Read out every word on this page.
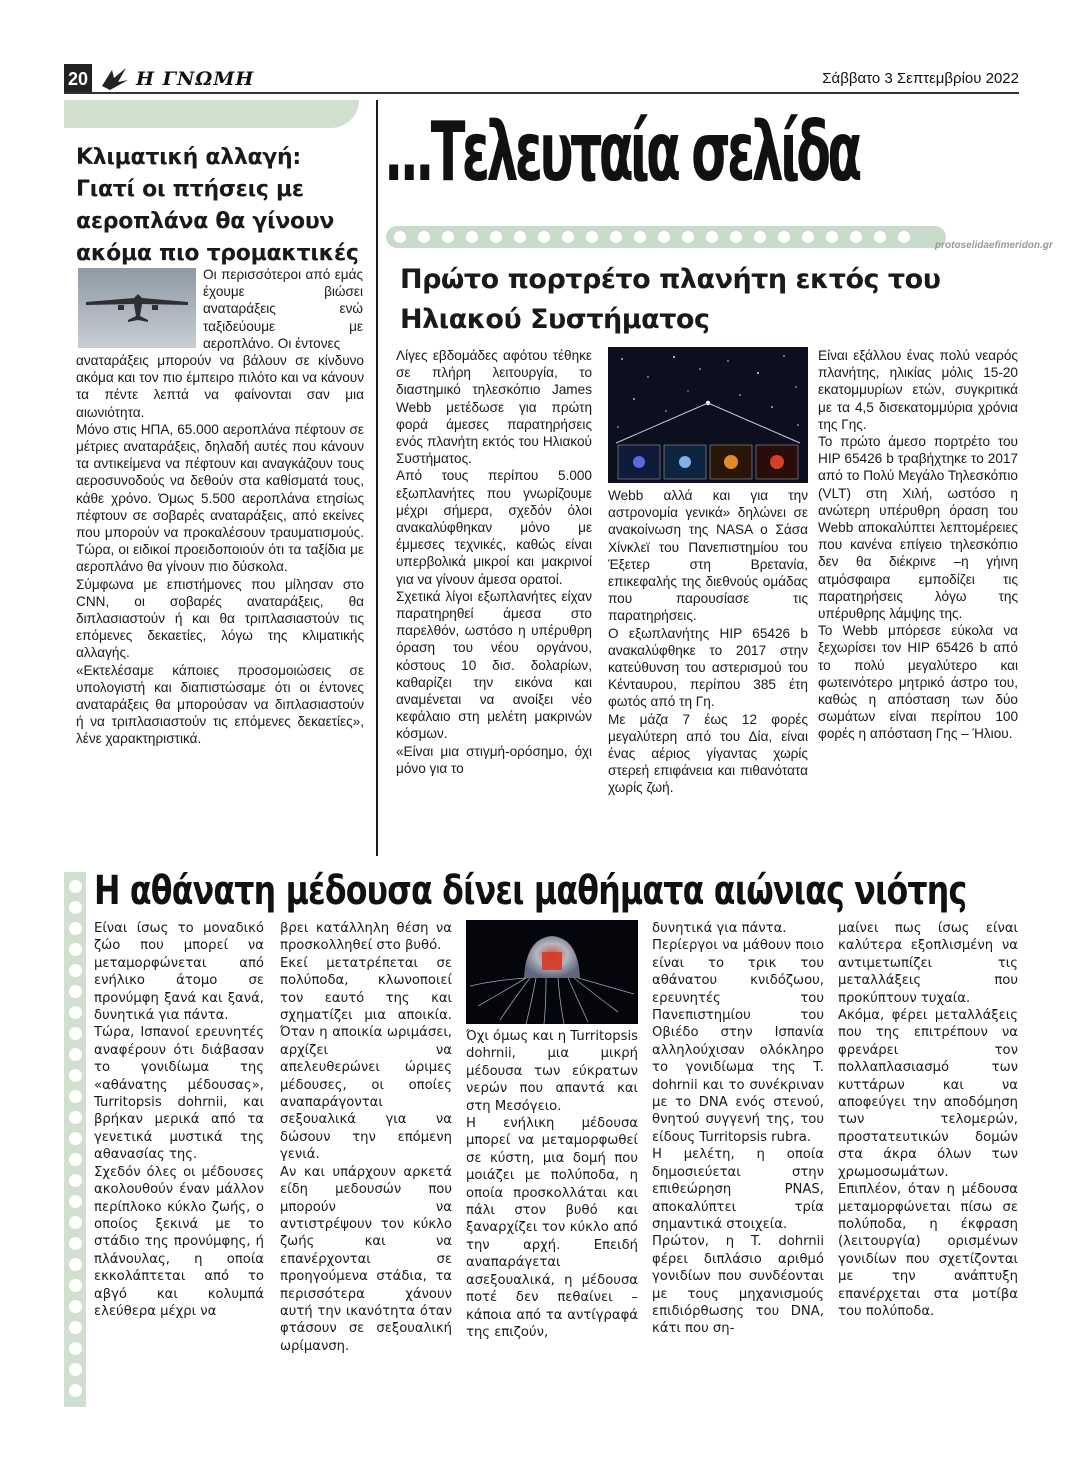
20	Η ΓΝΩΜΗ	Σάββατο 3 Σεπτεμβρίου 2022
Κλιματική αλλαγή: Γιατί οι πτήσεις με αεροπλάνα θα γίνουν ακόμα πιο τρομακτικές
Οι περισσότεροι από εμάς έχουμε βιώσει αναταράξεις ενώ ταξιδεύουμε με αεροπλάνο. Οι έντονες

αναταράξεις μπορούν να βάλουν σε κίνδυνο ακόμα και τον πιο έμπειρο πιλότο και να κάνουν τα πέντε λεπτά να φαίνονται σαν μια αιωνιότητα.

Μόνο στις ΗΠΑ, 65.000 αεροπλάνα πέφτουν σε μέτριες αναταράξεις, δηλαδή αυτές που κάνουν τα αντικείμενα να πέφτουν και αναγκάζουν τους αεροσυνοδούς να δεθούν στα καθίσματά τους, κάθε χρόνο. Όμως 5.500 αεροπλάνα ετησίως πέφτουν σε σοβαρές αναταράξεις, από εκείνες που μπορούν να προκαλέσουν τραυματισμούς. Τώρα, οι ειδικοί προειδοποιούν ότι τα ταξίδια με αεροπλάνο θα γίνουν πιο δύσκολα.

Σύμφωνα με επιστήμονες που μίλησαν στο CNN, οι σοβαρές αναταράξεις, θα διπλασιαστούν ή και θα τριπλασιαστούν τις επόμενες δεκαετίες, λόγω της κλιματικής αλλαγής.

«Εκτελέσαμε κάποιες προσομοιώσεις σε υπολογιστή και διαπιστώσαμε ότι οι έντονες αναταράξεις θα μπορούσαν να διπλασιαστούν ή να τριπλασιαστούν τις επόμενες δεκαετίες», λένε χαρακτηριστικά.

...Τελευταία σελίδα
protoselidaefimeridon.gr
Πρώτο πορτρέτο πλανήτη εκτός του Ηλιακού Συστήματος

Λίγες εβδομάδες αφότου τέθηκε σε πλήρη λειτουργία, το διαστημικό τηλεσκόπιο James Webb μετέδωσε για πρώτη φορά άμεσες παρατηρήσεις ενός πλανήτη εκτός του Ηλιακού Συστήματος.

Από τους περίπου 5.000 εξωπλανήτες που γνωρίζουμε μέχρι σήμερα, σχεδόν όλοι ανακαλύφθηκαν μόνο με έμμεσες τεχνικές, καθώς είναι υπερβολικά μικροί και μακρινοί για να γίνουν άμεσα ορατοί.

Σχετικά λίγοι εξωπλανήτες είχαν παρατηρηθεί άμεσα στο παρελθόν, ωστόσο η υπέρυθρη όραση του νέου οργάνου, κόστους 10 δισ. δολαρίων, καθαρίζει την εικόνα και αναμένεται να ανοίξει νέο κεφάλαιο στη μελέτη μακρινών κόσμων.

«Είναι μια στιγμή-ορόσημο, όχι μόνο για το

Webb αλλά και για την αστρονομία γενικά» δηλώνει σε ανακοίνωση της NASA ο Σάσα Χίνκλεϊ του Πανεπιστημίου του Έξετερ στη Βρετανία, επικεφαλής της διεθνούς ομάδας που παρουσίασε τις παρατηρήσεις.

Ο εξωπλανήτης HIP 65426 b ανακαλύφθηκε το 2017 στην κατεύθυνση του αστερισμού του Κένταυρου, περίπου 385 έτη φωτός από τη Γη.

Με μάζα 7 έως 12 φορές μεγαλύτερη από του Δία, είναι ένας αέριος γίγαντας χωρίς στερεή επιφάνεια και πιθανότατα χωρίς ζωή.

Είναι εξάλλου ένας πολύ νεαρός πλανήτης, ηλικίας μόλις 15-20 εκατομμυρίων ετών, συγκριτικά με τα 4,5 δισεκατομμύρια χρόνια της Γης.

Το πρώτο άμεσο πορτρέτο του HIP 65426 b τραβήχτηκε το 2017 από το Πολύ Μεγάλο Τηλεσκόπιο (VLT) στη Χιλή, ωστόσο η ανώτερη υπέρυθρη όραση του Webb αποκαλύπτει λεπτομέρειες που κανένα επίγειο τηλεσκόπιο δεν θα διέκρινε –η γήινη ατμόσφαιρα εμποδίζει τις παρατηρήσεις λόγω της υπέρυθρης λάμψης της.

Το Webb μπόρεσε εύκολα να ξεχωρίσει τον HIP 65426 b από το πολύ μεγαλύτερο και φωτεινότερο μητρικό άστρο του, καθώς η απόσταση των δύο σωμάτων είναι περίπου 100 φορές η απόσταση Γης – Ήλιου.

Η αθάνατη μέδουσα δίνει μαθήματα αιώνιας νιότης

Είναι ίσως το μοναδικό ζώο που μπορεί να μεταμορφώνεται από ενήλικο άτομο σε προνύμφη ξανά και ξανά, δυνητικά για πάντα.

Τώρα, Ισπανοί ερευνητές αναφέρουν ότι διάβασαν το γονιδίωμα της «αθάνατης μέδουσας», Turritopsis dohrnii, και βρήκαν μερικά από τα γενετικά μυστικά της αθανασίας της.

Σχεδόν όλες οι μέδουσες ακολουθούν έναν μάλλον περίπλοκο κύκλο ζωής, ο οποίος ξεκινά με το στάδιο της προνύμφης, ή πλάνουλας, η οποία εκκολάπτεται από το αβγό και κολυμπά ελεύθερα μέχρι να

βρει κατάλληλη θέση να προσκολληθεί στο βυθό.

Εκεί μετατρέπεται σε πολύποδα, κλωνοποιεί τον εαυτό της και σχηματίζει μια αποικία. Όταν η αποικία ωριμάσει, αρχίζει να απελευθερώνει ώριμες μέδουσες, οι οποίες αναπαράγονται σεξουαλικά για να δώσουν την επόμενη γενιά.

Αν και υπάρχουν αρκετά είδη μεδουσών που μπορούν να αντιστρέψουν τον κύκλο ζωής και να επανέρχονται σε προηγούμενα στάδια, τα περισσότερα χάνουν αυτή την ικανότητα όταν φτάσουν σε σεξουαλική ωρίμανση.

Όχι όμως και η Turritopsis dohrnii, μια μικρή μέδουσα των εύκρατων νερών που απαντά και στη Μεσόγειο.

Η ενήλικη μέδουσα μπορεί να μεταμορφωθεί σε κύστη, μια δομή που μοιάζει με πολύποδα, η οποία προσκολλάται και πάλι στον βυθό και ξαναρχίζει τον κύκλο από την αρχή. Επειδή αναπαράγεται ασεξουαλικά, η μέδουσα ποτέ δεν πεθαίνει – κάποια από τα αντίγραφά της επιζούν,

δυνητικά για πάντα.

Περίεργοι να μάθουν ποιο είναι το τρικ του αθάνατου κνιδόζωου, ερευνητές του Πανεπιστημίου του Οβιέδο στην Ισπανία αλληλούχισαν ολόκληρο το γονιδίωμα της T. dohrnii και το συνέκριναν με το DNA ενός στενού, θνητού συγγενή της, του είδους Turritopsis rubra.

Η μελέτη, η οποία δημοσιεύεται στην επιθεώρηση PNAS, αποκαλύπτει τρία σημαντικά στοιχεία.

Πρώτον, η T. dohrnii φέρει διπλάσιο αριθμό γονιδίων που συνδέονται με τους μηχανισμούς επιδιόρθωσης του DNA, κάτι που ση-

μαίνει πως ίσως είναι καλύτερα εξοπλισμένη να αντιμετωπίζει τις μεταλλάξεις που προκύπτουν τυχαία.

Ακόμα, φέρει μεταλλάξεις που της επιτρέπουν να φρενάρει τον πολλαπλασιασμό των κυττάρων και να αποφεύγει την αποδόμηση των τελομερών, προστατευτικών δομών στα άκρα όλων των χρωμοσωμάτων.

Επιπλέον, όταν η μέδουσα μεταμορφώνεται πίσω σε πολύποδα, η έκφραση (λειτουργία) ορισμένων γονιδίων που σχετίζονται με την ανάπτυξη επανέρχεται στα μοτίβα του πολύποδα.
